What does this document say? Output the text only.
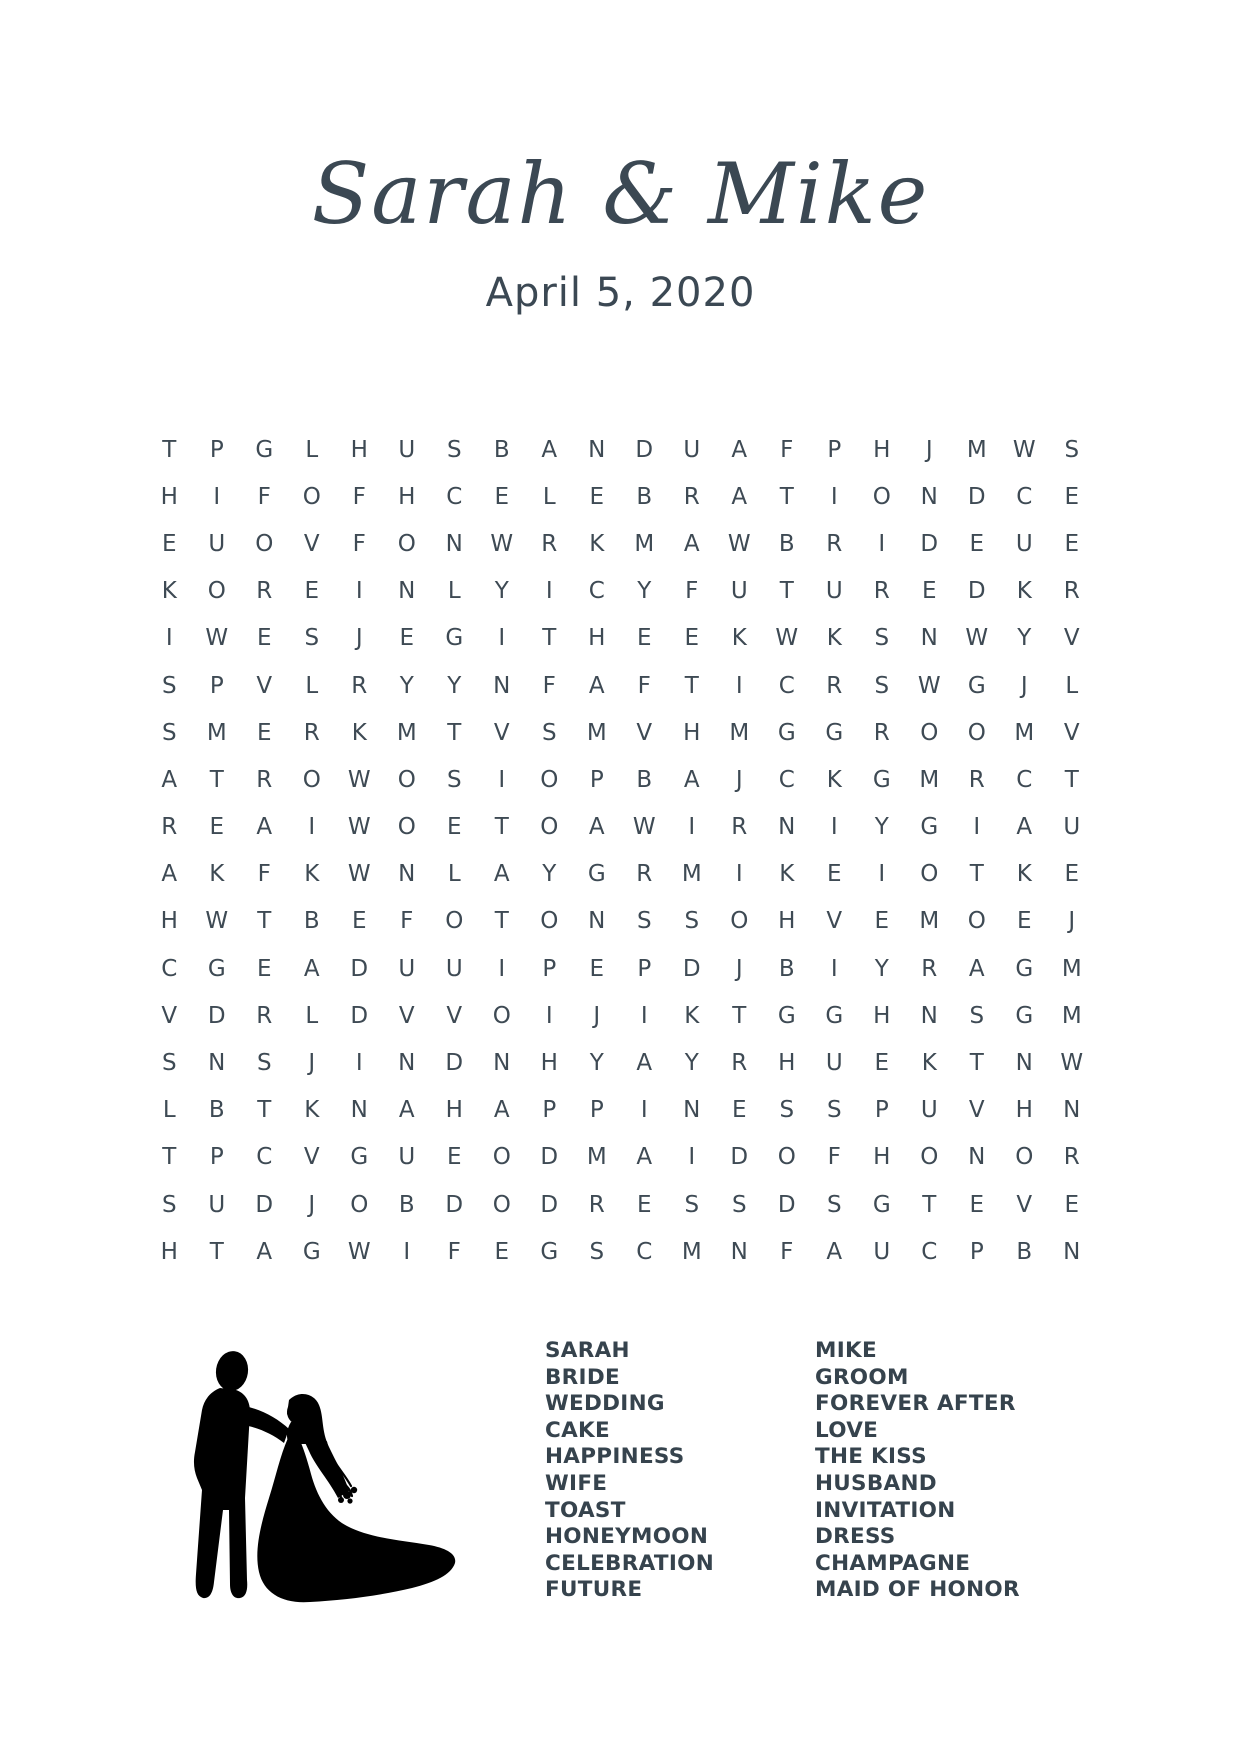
Sarah & Mike
April 5, 2020
T	P	G	L	H	U	S	B	A	N	D	U	A	F	P	H	J	M	W	S
H	I	F	O	F	H	C	E	L	E	B	R	A	T	I	O	N	D	C	E
E	U	O	V	F	O	N	W	R	K	M	A	W	B	R	I	D	E	U	E
K	O	R	E	I	N	L	Y	I	C	Y	F	U	T	U	R	E	D	K	R
I	W	E	S	J	E	G	I	T	H	E	E	K	W	K	S	N	W	Y	V
S	P	V	L	R	Y	Y	N	F	A	F	T	I	C	R	S	W	G	J	L
S	M	E	R	K	M	T	V	S	M	V	H	M	G	G	R	O	O	M	V
A	T	R	O	W	O	S	I	O	P	B	A	J	C	K	G	M	R	C	T
R	E	A	I	W	O	E	T	O	A	W	I	R	N	I	Y	G	I	A	U
A	K	F	K	W	N	L	A	Y	G	R	M	I	K	E	I	O	T	K	E
H	W	T	B	E	F	O	T	O	N	S	S	O	H	V	E	M	O	E	J
C	G	E	A	D	U	U	I	P	E	P	D	J	B	I	Y	R	A	G	M
V	D	R	L	D	V	V	O	I	J	I	K	T	G	G	H	N	S	G	M
S	N	S	J	I	N	D	N	H	Y	A	Y	R	H	U	E	K	T	N	W
L	B	T	K	N	A	H	A	P	P	I	N	E	S	S	P	U	V	H	N
T	P	C	V	G	U	E	O	D	M	A	I	D	O	F	H	O	N	O	R
S	U	D	J	O	B	D	O	D	R	E	S	S	D	S	G	T	E	V	E
H	T	A	G	W	I	F	E	G	S	C	M	N	F	A	U	C	P	B	N
SARAH
BRIDE
WEDDING
CAKE
HAPPINESS
WIFE
TOAST
HONEYMOON
CELEBRATION
FUTURE
MIKE
GROOM
FOREVER AFTER
LOVE
THE KISS
HUSBAND
INVITATION
DRESS
CHAMPAGNE
MAID OF HONOR
